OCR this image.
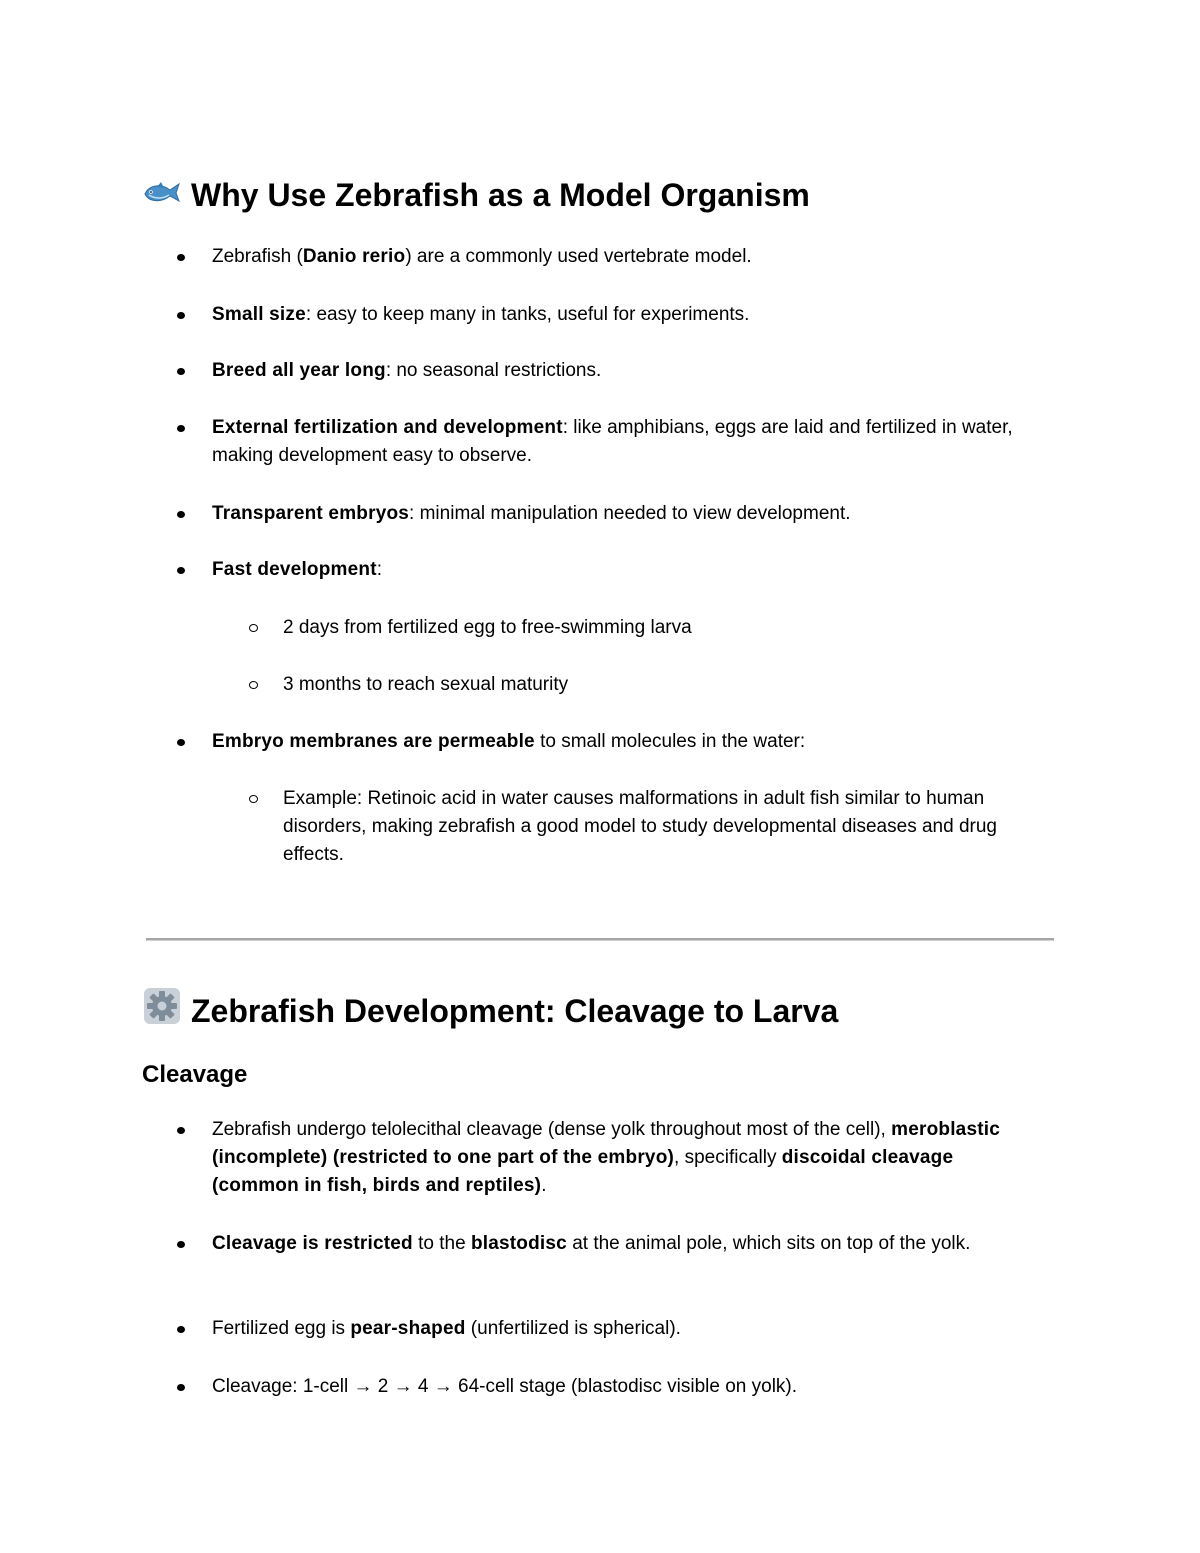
Why Use Zebrafish as a Model Organism

Zebrafish (Danio rerio) are a commonly used vertebrate model.

Small size: easy to keep many in tanks, useful for experiments.

Breed all year long: no seasonal restrictions.

External fertilization and development: like amphibians, eggs are laid and fertilized in water, making development easy to observe.

Transparent embryos: minimal manipulation needed to view development.

Fast development:

2 days from fertilized egg to free-swimming larva

3 months to reach sexual maturity

Embryo membranes are permeable to small molecules in the water:

Example: Retinoic acid in water causes malformations in adult fish similar to human disorders, making zebrafish a good model to study developmental diseases and drug effects.

Zebrafish Development: Cleavage to Larva
Cleavage

Zebrafish undergo telolecithal cleavage (dense yolk throughout most of the cell), meroblastic (incomplete) (restricted to one part of the embryo), specifically discoidal cleavage (common in fish, birds and reptiles).

Cleavage is restricted to the blastodisc at the animal pole, which sits on top of the yolk.

Fertilized egg is pear-shaped (unfertilized is spherical).

Cleavage: 1-cell → 2 → 4 → 64-cell stage (blastodisc visible on yolk).
